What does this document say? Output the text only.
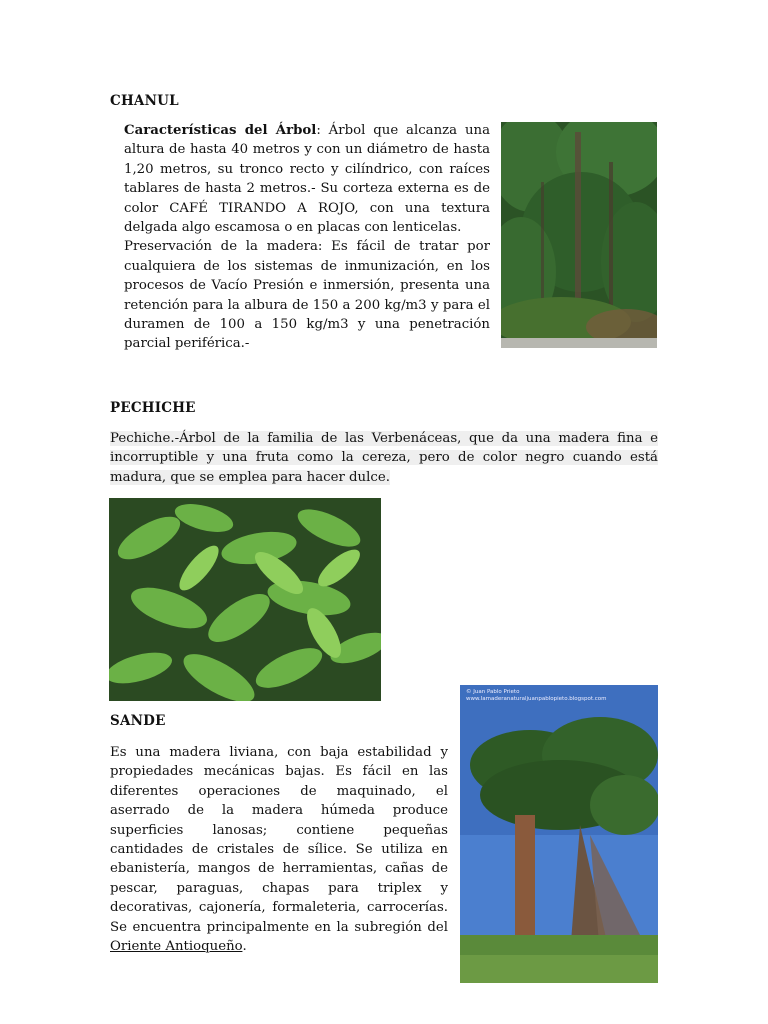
CHANUL

Características del Árbol: Árbol que alcanza una altura de hasta 40 metros y con un diámetro de hasta 1,20 metros, su tronco recto y cilíndrico, con raíces tablares de hasta 2 metros.- Su corteza externa es de color CAFÉ TIRANDO A ROJO, con una textura delgada algo escamosa o en placas con lenticelas.

Preservación de la madera: Es fácil de tratar por cualquiera de los sistemas de inmunización, en los procesos de Vacío Presión e inmersión, presenta una retención para la albura de 150 a 200 kg/m3 y para el duramen de 100 a 150 kg/m3 y una penetración parcial periférica.-

PECHICHE

Pechiche.-Árbol de la familia de las Verbenáceas, que da una madera fina e incorruptible y una fruta como la cereza, pero de color negro cuando está madura, que se emplea para hacer dulce.

SANDE

Es una madera liviana, con baja estabilidad y propiedades mecánicas bajas. Es fácil en las diferentes operaciones de maquinado, el aserrado de la madera húmeda produce superficies lanosas; contiene pequeñas cantidades de cristales de sílice. Se utiliza en ebanistería, mangos de herramientas, cañas de pescar, paraguas, chapas para triplex y decorativas, cajonería, formaleteria, carrocerías. Se encuentra principalmente en la subregión del Oriente Antioqueño.

© Juan Pablo Prieto
www.lamaderanaturaljuanpablopieto.blogspot.com
